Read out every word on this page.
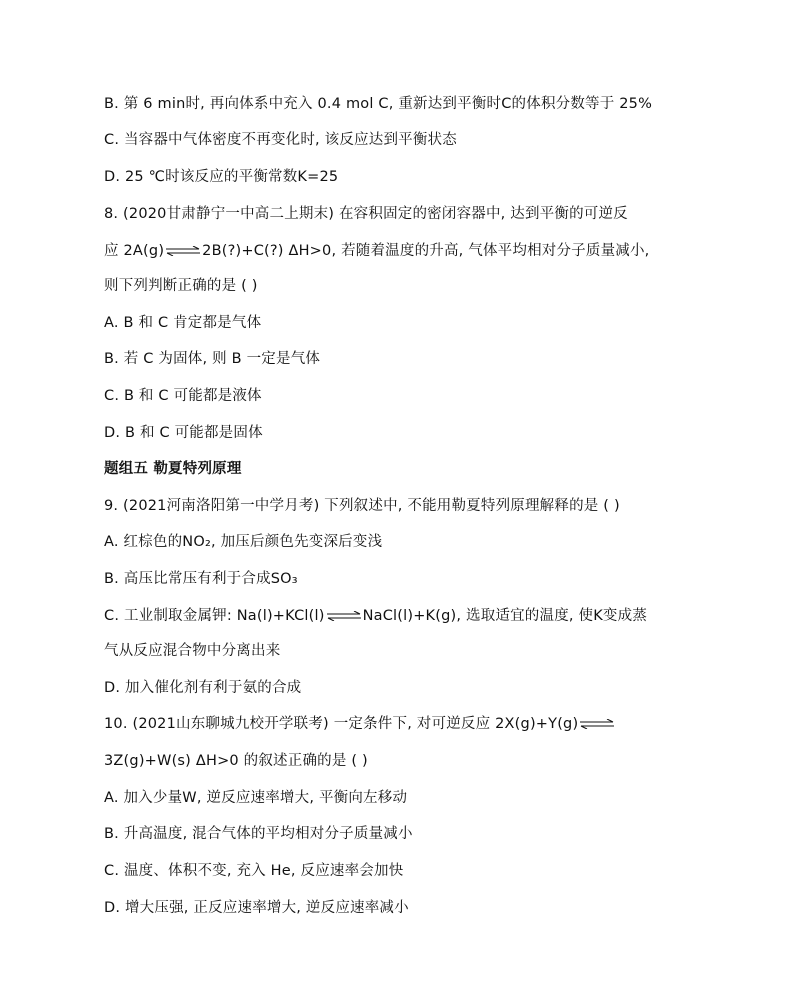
B. 第 6 min时, 再向体系中充入 0.4 mol C, 重新达到平衡时C的体积分数等于 25%
C. 当容器中气体密度不再变化时, 该反应达到平衡状态
D. 25 ℃时该反应的平衡常数K=25
8. (2020甘肃静宁一中高二上期末) 在容积固定的密闭容器中, 达到平衡的可逆反
应 2A(g)⇌2B(?)+C(?) ΔH>0, 若随着温度的升高, 气体平均相对分子质量减小,
则下列判断正确的是 ( )
A. B 和 C 肯定都是气体
B. 若 C 为固体, 则 B 一定是气体
C. B 和 C 可能都是液体
D. B 和 C 可能都是固体
题组五 勒夏特列原理
9. (2021河南洛阳第一中学月考) 下列叙述中, 不能用勒夏特列原理解释的是 ( )
A. 红棕色的NO₂, 加压后颜色先变深后变浅
B. 高压比常压有利于合成SO₃
C. 工业制取金属钾: Na(l)+KCl(l)⇌NaCl(l)+K(g), 选取适宜的温度, 使K变成蒸
气从反应混合物中分离出来
D. 加入催化剂有利于氨的合成
10. (2021山东聊城九校开学联考) 一定条件下, 对可逆反应 2X(g)+Y(g)⇌
3Z(g)+W(s) ΔH>0 的叙述正确的是 ( )
A. 加入少量W, 逆反应速率增大, 平衡向左移动
B. 升高温度, 混合气体的平均相对分子质量减小
C. 温度、体积不变, 充入 He, 反应速率会加快
D. 增大压强, 正反应速率增大, 逆反应速率减小
